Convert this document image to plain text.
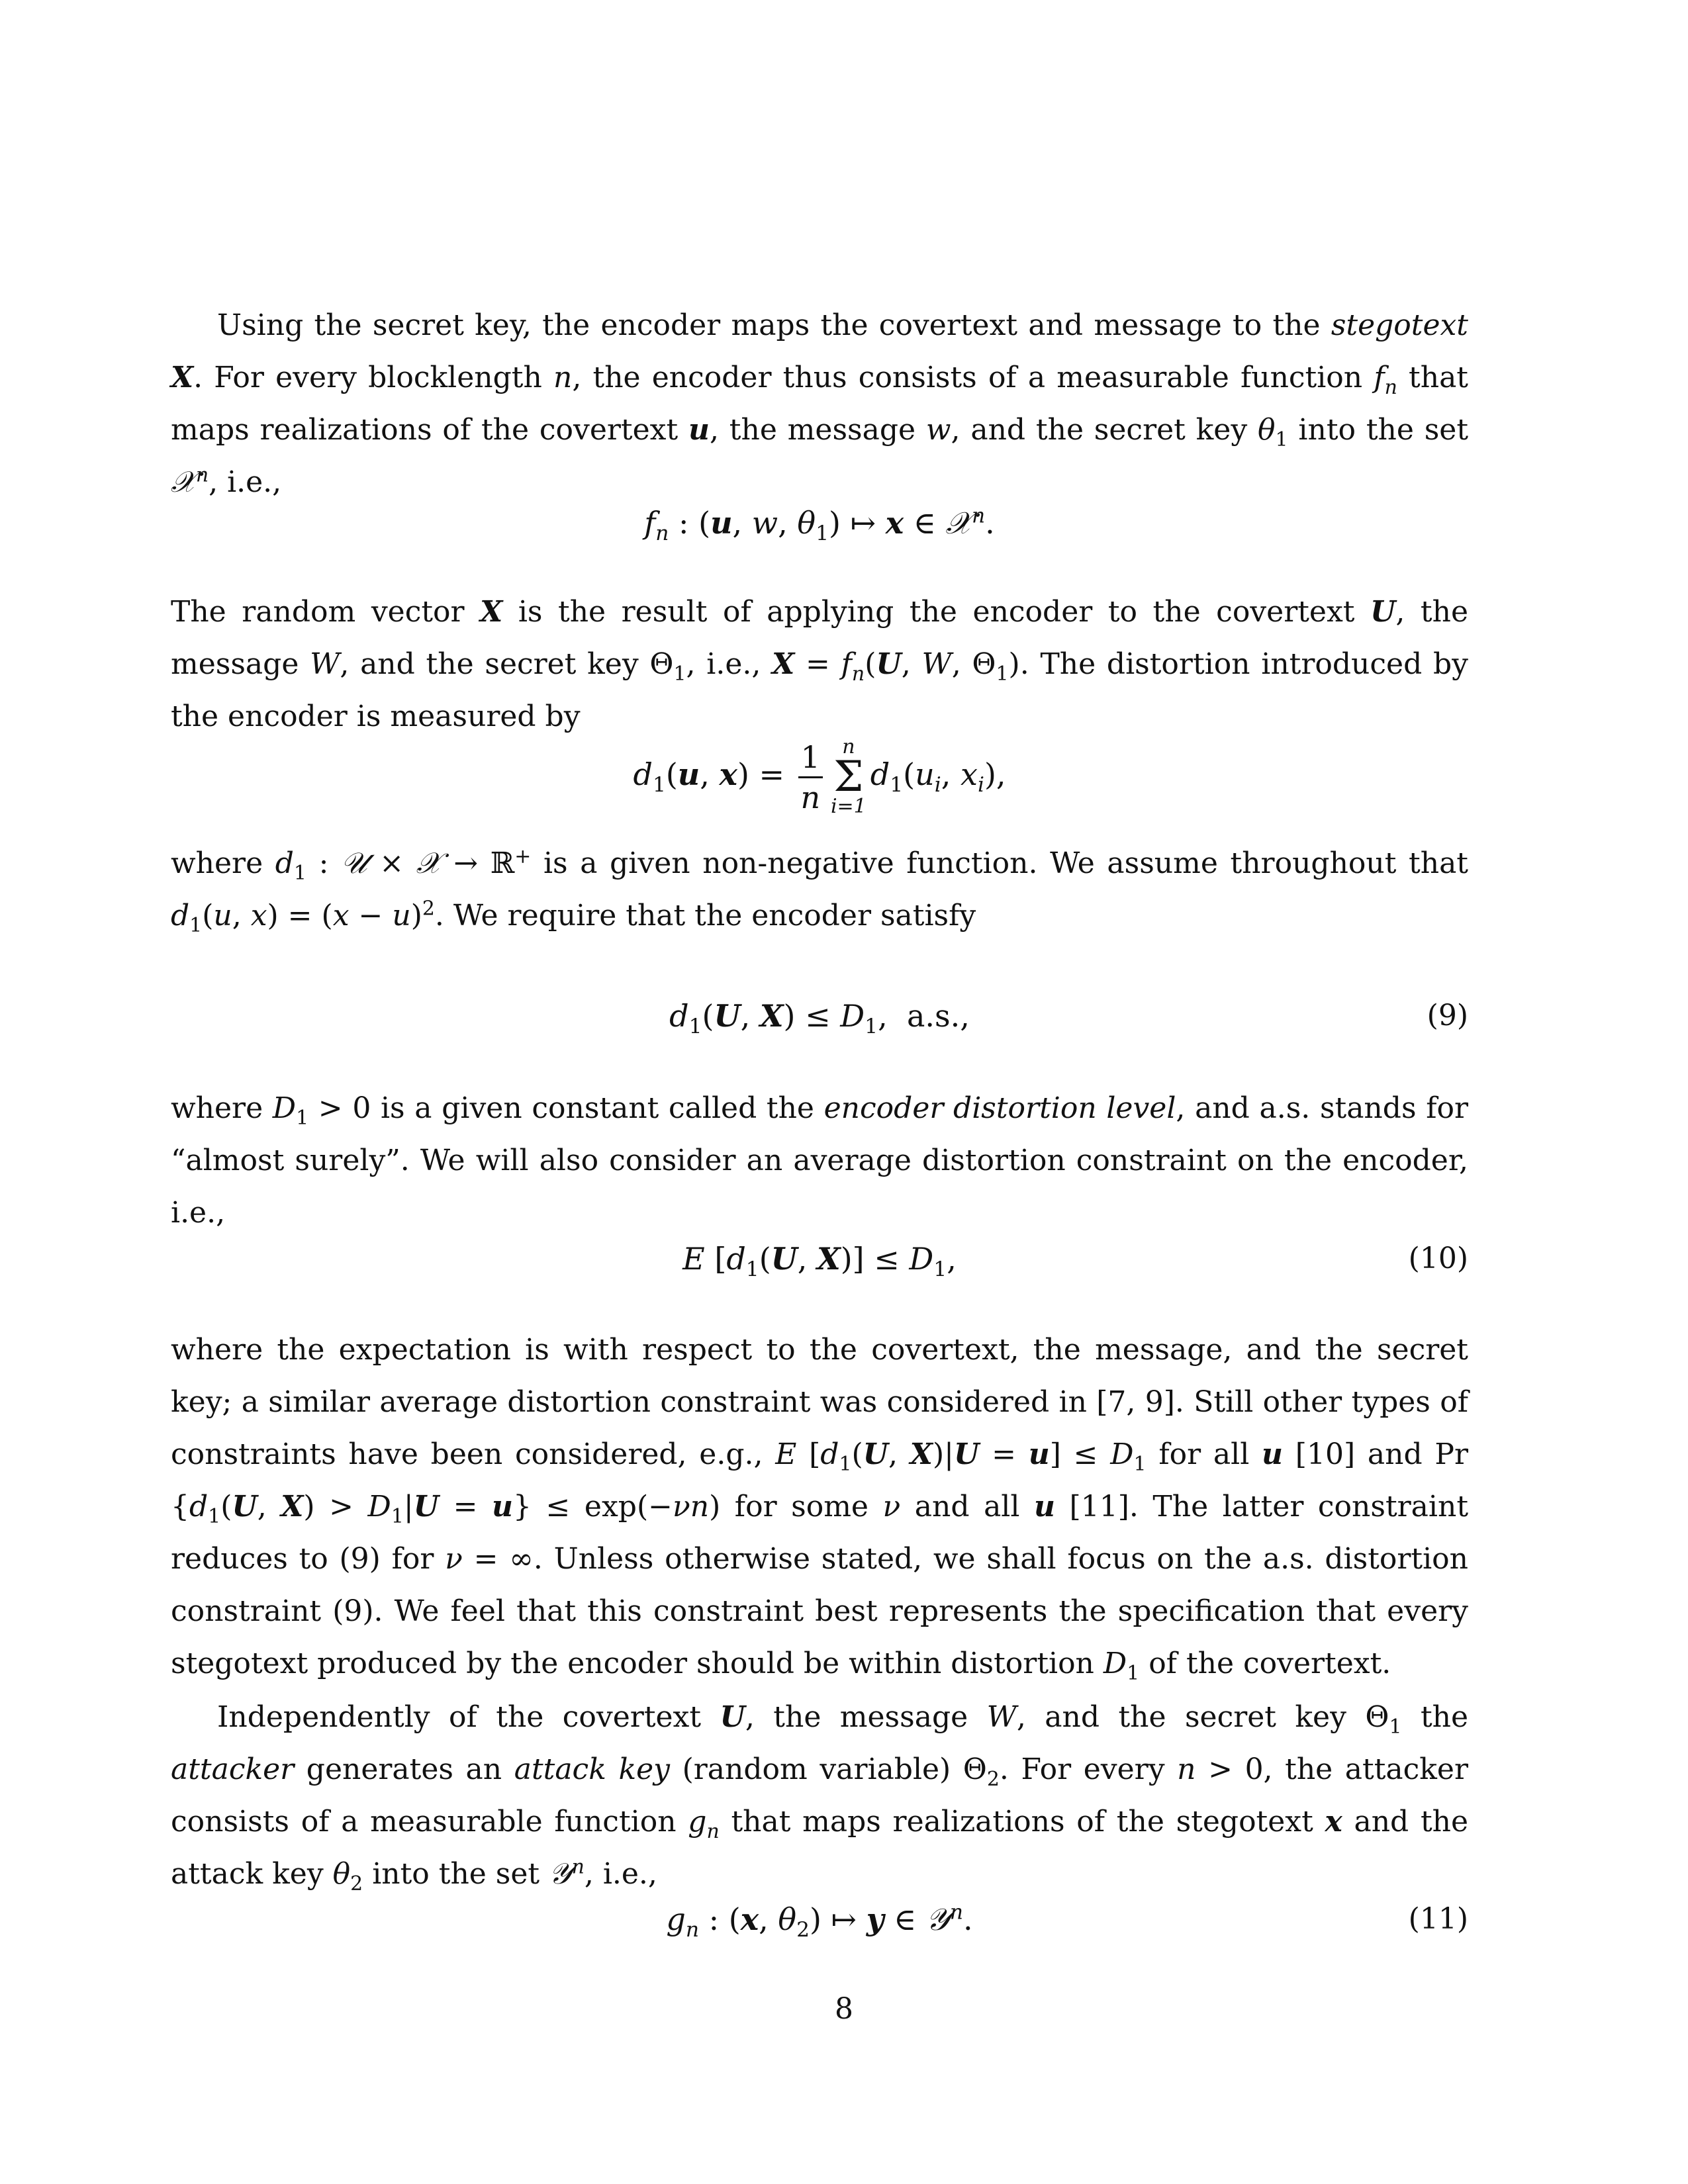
Using the secret key, the encoder maps the covertext and message to the stegotext X. For every blocklength n, the encoder thus consists of a measurable function $f_n$ that maps realizations of the covertext u, the message w, and the secret key $\theta_1$ into the set 𝒳$^n$, i.e.,
$f_n$ : (u, w, $\theta_1$) ↦ x ∈ 𝒳$^n$.
The random vector X is the result of applying the encoder to the covertext U, the message W, and the secret key $\Theta_1$, i.e., $X = f_n(U$, W, $\Theta_1$). The distortion introduced by the encoder is measured by
$d_1(u$, $x) = \frac{1}{n}$ n
Σ
i=1
$d_1(u_i$, $x_i$),
where $d_1$ : 𝒰 × 𝒳 → ℝ+ is a given non-negative function. We assume throughout that $d_1(u$, $x) = (x - u)^2$. We require that the encoder satisfy
$d_1(U$, $X) \le D_1$,  a.s.,	(9)
where $D_1 > 0$ is a given constant called the encoder distortion level, and a.s. stands for “almost surely”. We will also consider an average distortion constraint on the encoder, i.e.,
E [$d_1(U$, $X)] \le D_1$,	(10)
where the expectation is with respect to the covertext, the message, and the secret key; a similar average distortion constraint was considered in [7, 9]. Still other types of constraints have been considered, e.g., E [$d_1(U$, $X)|U = u] \le D_1$ for all u [10] and Pr {$d_1(U$, $X) > D_1|U = u\} \le \exp(-\nu n)$ for some ν and all u [11]. The latter constraint reduces to (9) for ν = ∞. Unless otherwise stated, we shall focus on the a.s. distortion constraint (9). We feel that this constraint best represents the specification that every stegotext produced by the encoder should be within distortion $D_1$ of the covertext.
Independently of the covertext U, the message W, and the secret key $\Theta_1$ the attacker generates an attack key (random variable) $\Theta_2$. For every n > 0, the attacker consists of a measurable function $g_n$ that maps realizations of the stegotext x and the attack key $\theta_2$ into the set 𝒴$^n$, i.e.,
$g_n$ : (x, $\theta_2$) ↦ y ∈ 𝒴$^n$.	(11)
8
